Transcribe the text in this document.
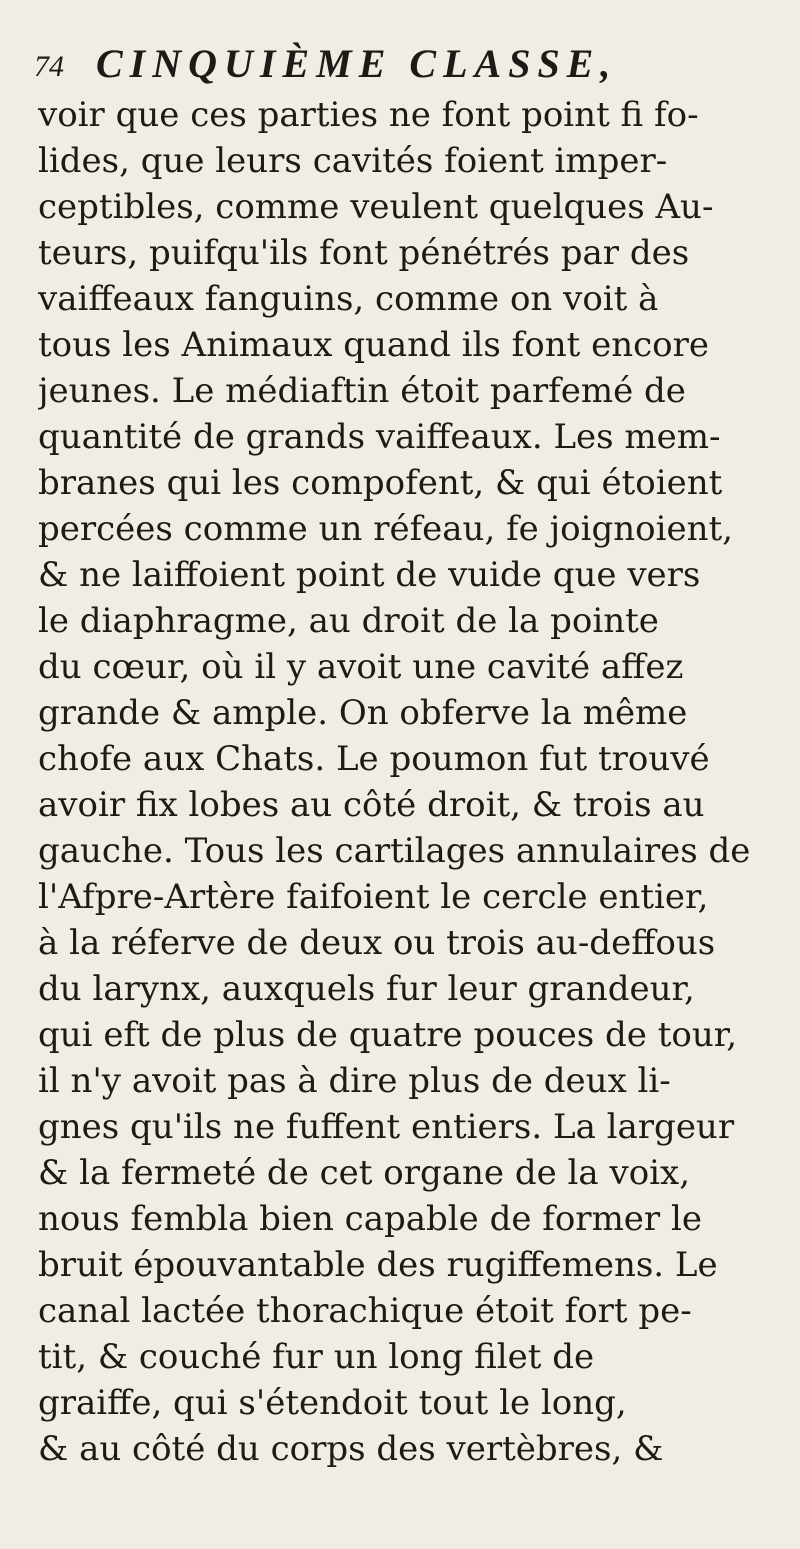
74 CINQUIÈME CLASSE,
voir que ces parties ne font point fi fo-
lides, que leurs cavités foient imper-
ceptibles, comme veulent quelques Au-
teurs, puifqu'ils font pénétrés par des
vaiffeaux fanguins, comme on voit à
tous les Animaux quand ils font encore
jeunes. Le médiaftin étoit parfemé de
quantité de grands vaiffeaux. Les mem-
branes qui les compofent, & qui étoient
percées comme un réfeau, fe joignoient,
& ne laiffoient point de vuide que vers
le diaphragme, au droit de la pointe
du cœur, où il y avoit une cavité affez
grande & ample. On obferve la même
chofe aux Chats. Le poumon fut trouvé
avoir fix lobes au côté droit, & trois au
gauche. Tous les cartilages annulaires de
l'Afpre-Artère faifoient le cercle entier,
à la réferve de deux ou trois au-deffous
du larynx, auxquels fur leur grandeur,
qui eft de plus de quatre pouces de tour,
il n'y avoit pas à dire plus de deux li-
gnes qu'ils ne fuffent entiers. La largeur
& la fermeté de cet organe de la voix,
nous fembla bien capable de former le
bruit épouvantable des rugiffemens. Le
canal lactée thorachique étoit fort pe-
tit, & couché fur un long filet de
graiffe, qui s'étendoit tout le long,
& au côté du corps des vertèbres, &
